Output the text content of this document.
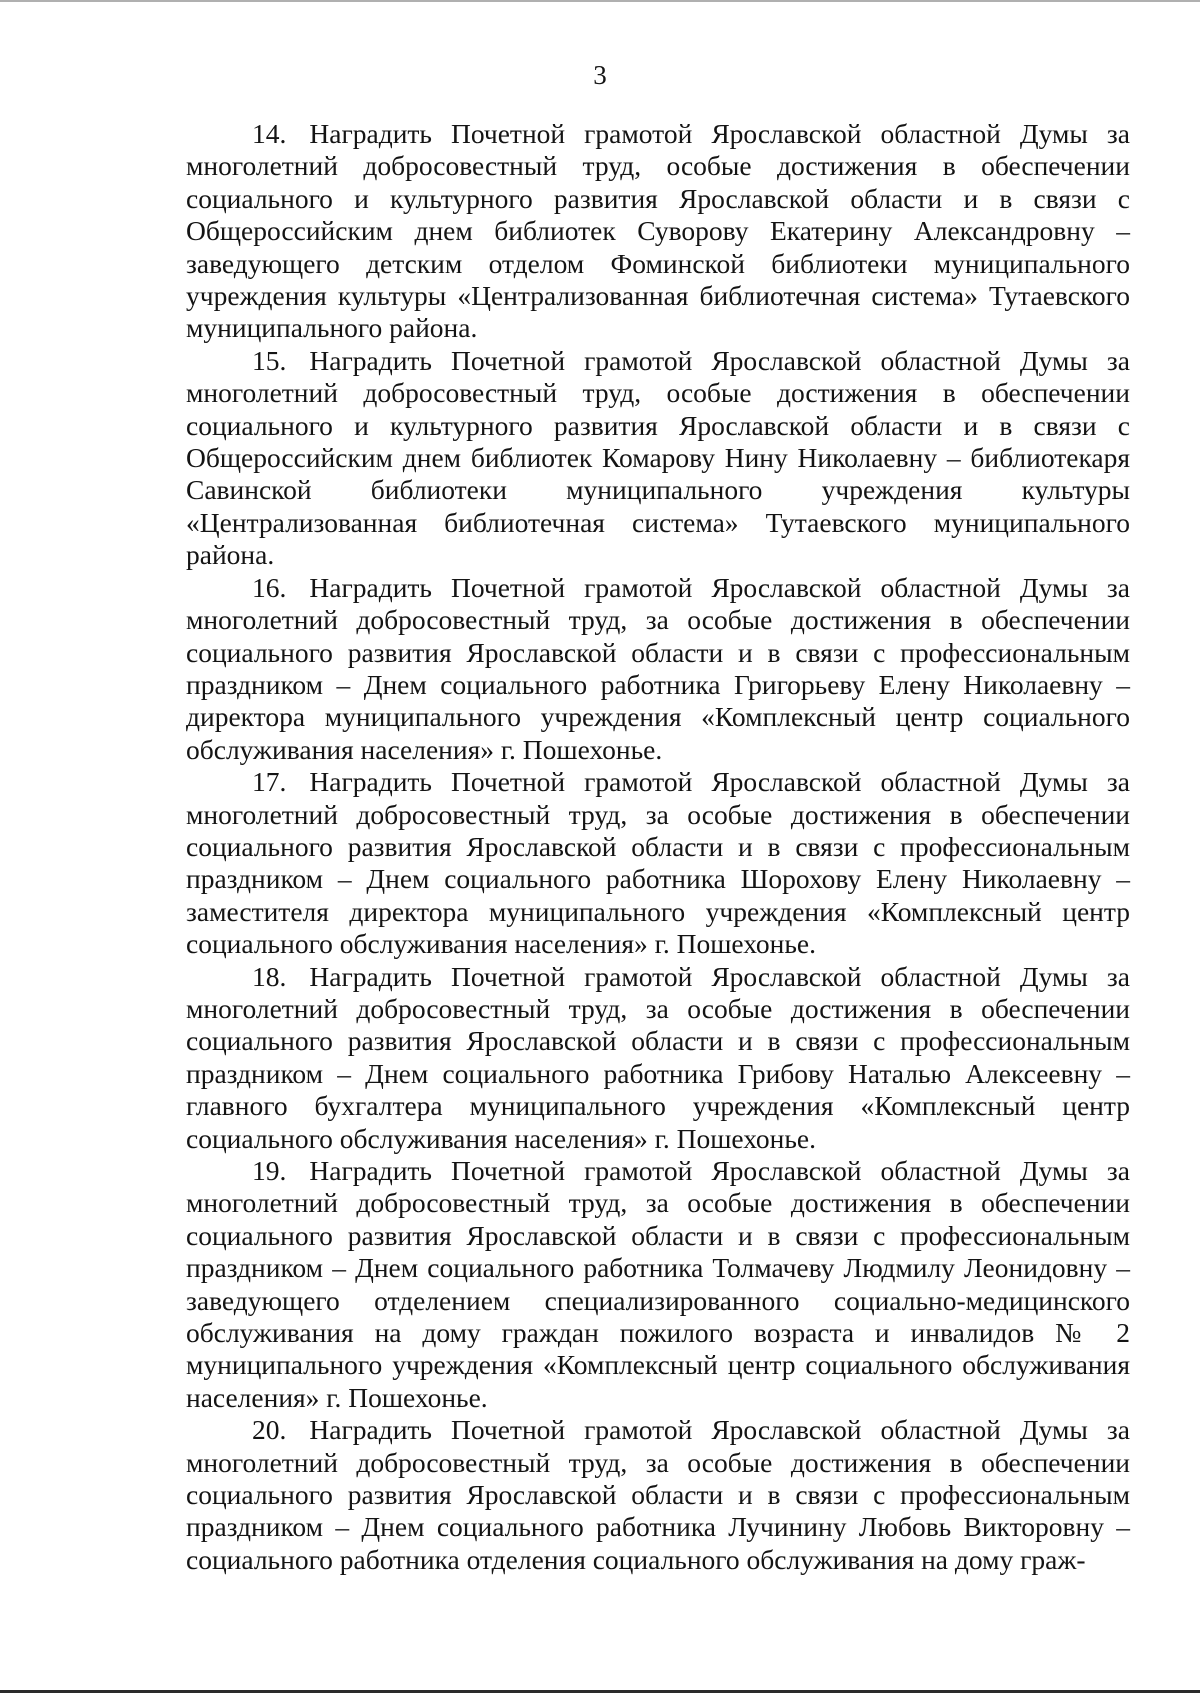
3

14. Наградить Почетной грамотой Ярославской областной Думы за многолетний добросовестный труд, особые достижения в обеспечении социального и культурного развития Ярославской области и в связи с Общероссийским днем библиотек Суворову Екатерину Александровну – заведующего детским отделом Фоминской библиотеки муниципального учреждения культуры «Централизованная библиотечная система» Тутаевского муниципального района.

15. Наградить Почетной грамотой Ярославской областной Думы за многолетний добросовестный труд, особые достижения в обеспечении социального и культурного развития Ярославской области и в связи с Общероссийским днем библиотек Комарову Нину Николаевну – библиотекаря Савинской библиотеки муниципального учреждения культуры «Централизованная библиотечная система» Тутаевского муниципального района.

16. Наградить Почетной грамотой Ярославской областной Думы за многолетний добросовестный труд, за особые достижения в обеспечении социального развития Ярославской области и в связи с профессиональным праздником – Днем социального работника Григорьеву Елену Николаевну – директора муниципального учреждения «Комплексный центр социального обслуживания населения» г. Пошехонье.

17. Наградить Почетной грамотой Ярославской областной Думы за многолетний добросовестный труд, за особые достижения в обеспечении социального развития Ярославской области и в связи с профессиональным праздником – Днем социального работника Шорохову Елену Николаевну – заместителя директора муниципального учреждения «Комплексный центр социального обслуживания населения» г. Пошехонье.

18. Наградить Почетной грамотой Ярославской областной Думы за многолетний добросовестный труд, за особые достижения в обеспечении социального развития Ярославской области и в связи с профессиональным праздником – Днем социального работника Грибову Наталью Алексеевну – главного бухгалтера муниципального учреждения «Комплексный центр социального обслуживания населения» г. Пошехонье.

19. Наградить Почетной грамотой Ярославской областной Думы за многолетний добросовестный труд, за особые достижения в обеспечении социального развития Ярославской области и в связи с профессиональным праздником – Днем социального работника Толмачеву Людмилу Леонидовну – заведующего отделением специализированного социально-медицинского обслуживания на дому граждан пожилого возраста и инвалидов № 2 муниципального учреждения «Комплексный центр социального обслуживания населения» г. Пошехонье.

20. Наградить Почетной грамотой Ярославской областной Думы за многолетний добросовестный труд, за особые достижения в обеспечении социального развития Ярославской области и в связи с профессиональным праздником – Днем социального работника Лучинину Любовь Викторовну – социального работника отделения социального обслуживания на дому граж-
